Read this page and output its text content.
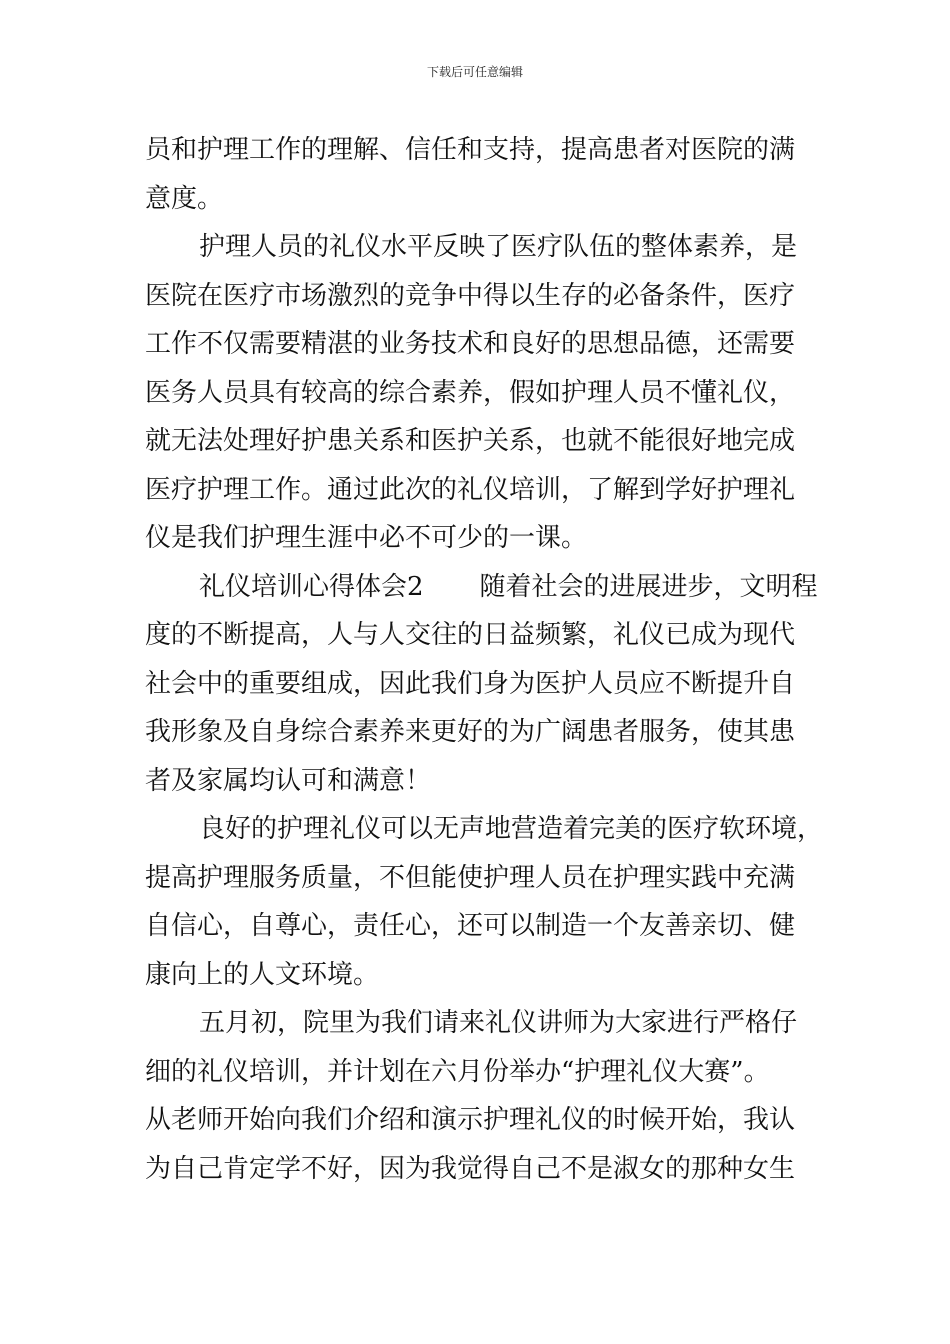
下载后可任意编辑
员和护理工作的理解、信任和支持，提高患者对医院的满
意度。
护理人员的礼仪水平反映了医疗队伍的整体素养，是
医院在医疗市场激烈的竞争中得以生存的必备条件，医疗
工作不仅需要精湛的业务技术和良好的思想品德，还需要
医务人员具有较高的综合素养，假如护理人员不懂礼仪，
就无法处理好护患关系和医护关系，也就不能很好地完成
医疗护理工作。通过此次的礼仪培训，了解到学好护理礼
仪是我们护理生涯中必不可少的一课。
礼仪培训心得体会2 随着社会的进展进步，文明程
度的不断提高，人与人交往的日益频繁，礼仪已成为现代
社会中的重要组成，因此我们身为医护人员应不断提升自
我形象及自身综合素养来更好的为广阔患者服务，使其患
者及家属均认可和满意！
良好的护理礼仪可以无声地营造着完美的医疗软环境，
提高护理服务质量，不但能使护理人员在护理实践中充满
自信心，自尊心，责任心，还可以制造一个友善亲切、健
康向上的人文环境。
五月初，院里为我们请来礼仪讲师为大家进行严格仔
细的礼仪培训，并计划在六月份举办“护理礼仪大赛”。
从老师开始向我们介绍和演示护理礼仪的时候开始，我认
为自己肯定学不好，因为我觉得自己不是淑女的那种女生
